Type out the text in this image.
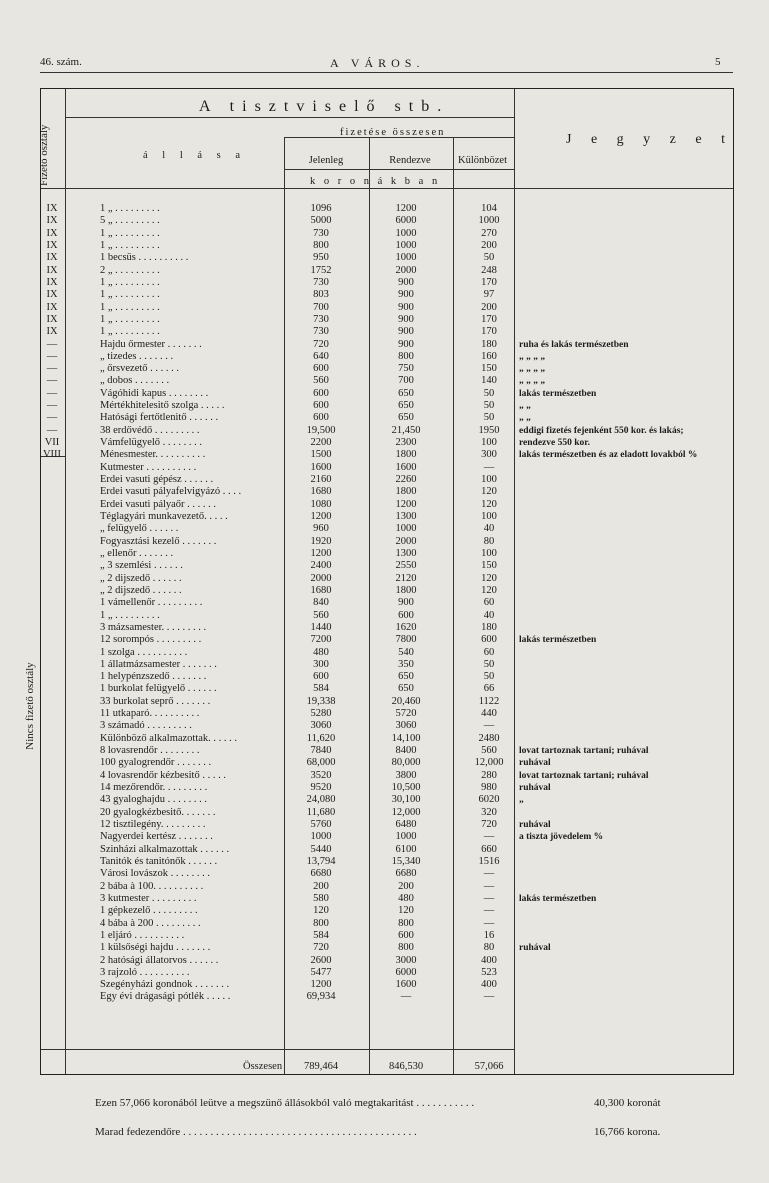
46. szám.	A VÁROS.	5
A tisztviselő stb.
Fizető osztály	á l l á s a
fizetése összesen
Jelenleg	Rendezve	Különbözet
k o r o n á k b a n
J e g y z e t
Nincs fizető osztály
IX	1 „ . . . . . . . . .	1096	1200	104
IX	5 „ . . . . . . . . .	5000	6000	1000
IX	1 „ . . . . . . . . .	730	1000	270
IX	1 „ . . . . . . . . .	800	1000	200
IX	1 becsüs . . . . . . . . . .	950	1000	50
IX	2 „ . . . . . . . . .	1752	2000	248
IX	1 „ . . . . . . . . .	730	900	170
IX	1 „ . . . . . . . . .	803	900	97
IX	1 „ . . . . . . . . .	700	900	200
IX	1 „ . . . . . . . . .	730	900	170
IX	1 „ . . . . . . . . .	730	900	170
—	Hajdu őrmester . . . . . . .	720	900	180	ruha és lakás természetben
—	„ tizedes . . . . . . .	640	800	160	„ „ „ „
—	„ őrsvezető . . . . . .	600	750	150	„ „ „ „
—	„ dobos . . . . . . .	560	700	140	„ „ „ „
—	Vágóhidi kapus . . . . . . . .	600	650	50	lakás természetben
—	Mértékhitelesitő szolga . . . . .	600	650	50	„ „
—	Hatósági fertőtlenitő . . . . . .	600	650	50	„ „
—	38 erdővédő . . . . . . . . .	19,500	21,450	1950	eddigi fizetés fejenként 550 kor. és lakás;
VII	Vámfelügyelő . . . . . . . .	2200	2300	100	rendezve 550 kor.
VIII	Ménesmester. . . . . . . . . .	1500	1800	300	lakás természetben és az eladott lovakból %
Kutmester . . . . . . . . . .	1600	1600	—
Erdei vasuti gépész . . . . . .	2160	2260	100
Erdei vasuti pályafelvigyázó . . . .	1680	1800	120
Erdei vasuti pályaőr . . . . . .	1080	1200	120
Téglagyári munkavezető. . . . .	1200	1300	100
„ felügyelő . . . . . .	960	1000	40
Fogyasztási kezelő . . . . . . .	1920	2000	80
„ ellenőr . . . . . . .	1200	1300	100
„ 3 szemlési . . . . . .	2400	2550	150
„ 2 dijszedő . . . . . .	2000	2120	120
„ 2 dijszedő . . . . . .	1680	1800	120
1 vámellenőr . . . . . . . . .	840	900	60
1 „ . . . . . . . . .	560	600	40
3 mázsamester. . . . . . . . .	1440	1620	180
12 sorompós . . . . . . . . .	7200	7800	600	lakás természetben
1 szolga . . . . . . . . . .	480	540	60
1 állatmázsamester . . . . . . .	300	350	50
1 helypénzszedő . . . . . . .	600	650	50
1 burkolat felügyelő . . . . . .	584	650	66
33 burkolat seprő . . . . . . .	19,338	20,460	1122
11 utkaparó. . . . . . . . . .	5280	5720	440
3 számadó . . . . . . . . .	3060	3060	—
Különböző alkalmazottak. . . . . .	11,620	14,100	2480
8 lovasrendőr . . . . . . . .	7840	8400	560	lovat tartoznak tartani; ruhával
100 gyalogrendőr . . . . . . .	68,000	80,000	12,000	ruhával
4 lovasrendőr kézbesitő . . . . .	3520	3800	280	lovat tartoznak tartani; ruhával
14 mezőrendőr. . . . . . . . .	9520	10,500	980	ruhával
43 gyaloghajdu . . . . . . . .	24,080	30,100	6020	„
20 gyalogkézbesitő. . . . . . .	11,680	12,000	320
12 tisztilegény. . . . . . . . .	5760	6480	720	ruhával
Nagyerdei kertész . . . . . . .	1000	1000	—	a tiszta jövedelem %
Szinházi alkalmazottak . . . . . .	5440	6100	660
Tanitók és tanitónők . . . . . .	13,794	15,340	1516
Városi lovászok . . . . . . . .	6680	6680	—
2 bába à 100. . . . . . . . . .	200	200	—
3 kutmester . . . . . . . . .	580	480	—	lakás természetben
1 gépkezelő . . . . . . . . .	120	120	—
4 bába à 200 . . . . . . . . .	800	800	—
1 eljáró . . . . . . . . . .	584	600	16
1 külsőségi hajdu . . . . . . .	720	800	80	ruhával
2 hatósági állatorvos . . . . . .	2600	3000	400
3 rajzoló . . . . . . . . . .	5477	6000	523
Szegényházi gondnok . . . . . . .	1200	1600	400
Egy évi drágasági pótlék . . . . .	69,934	—	—
Összesen	789,464	846,530	57,066
Ezen 57,066 koronából leütve a megszünő állásokból való megtakaritást . . . . . . . . . . .	40,300 koronát
Marad fedezendőre . . . . . . . . . . . . . . . . . . . . . . . . . . . . . . . . . . . . . . . . . . .	16,766 korona.
